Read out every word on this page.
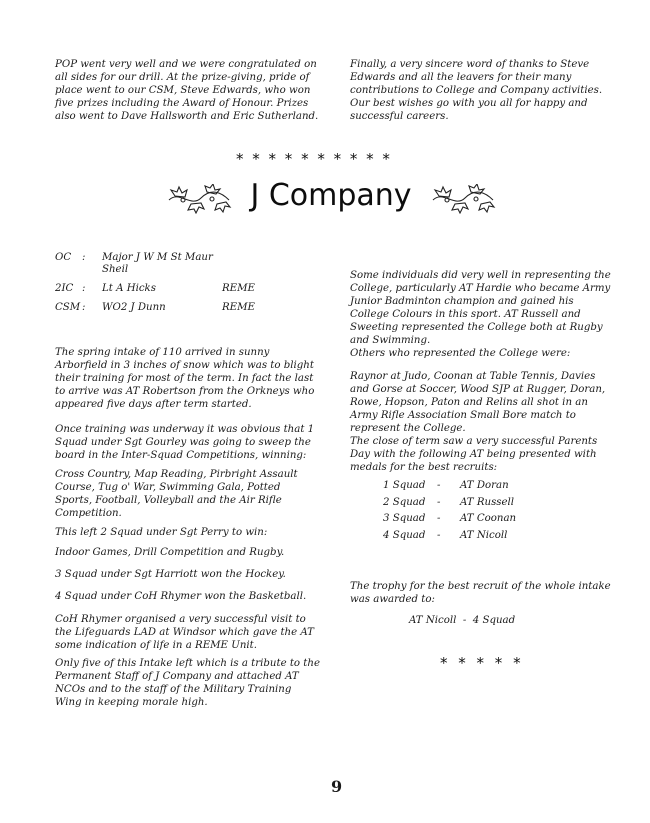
POP went very well and we were congratulated on all sides for our drill. At the prize-giving, pride of place went to our CSM, Steve Edwards, who won five prizes including the Award of Honour. Prizes also went to Dave Hallsworth and Eric Sutherland.

Finally, a very sincere word of thanks to Steve Edwards and all the leavers for their many contributions to College and Company activities. Our best wishes go with you all for happy and successful careers.

* * * * * * * * * *
J Company
OC	:	Major J W M St Maur Sheil	
2IC	:	Lt A Hicks	REME
CSM	:	WO2 J Dunn	REME

The spring intake of 110 arrived in sunny Arborfield in 3 inches of snow which was to blight their training for most of the term. In fact the last to arrive was AT Robertson from the Orkneys who appeared five days after term started.

Once training was underway it was obvious that 1 Squad under Sgt Gourley was going to sweep the board in the Inter-Squad Competitions, winning:

Cross Country, Map Reading, Pirbright Assault Course, Tug o' War, Swimming Gala, Potted Sports, Football, Volleyball and the Air Rifle Competition.

This left 2 Squad under Sgt Perry to win:

Indoor Games, Drill Competition and Rugby.

3 Squad under Sgt Harriott won the Hockey.

4 Squad under CoH Rhymer won the Basketball.

CoH Rhymer organised a very successful visit to the Lifeguards LAD at Windsor which gave the AT some indication of life in a REME Unit.

Only five of this Intake left which is a tribute to the Permanent Staff of J Company and attached AT NCOs and to the staff of the Military Training Wing in keeping morale high.

Some individuals did very well in representing the College, particularly AT Hardie who became Army Junior Badminton champion and gained his College Colours in this sport. AT Russell and Sweeting represented the College both at Rugby and Swimming.

Others who represented the College were:

Raynor at Judo, Coonan at Table Tennis, Davies and Gorse at Soccer, Wood SJP at Rugger, Doran, Rowe, Hopson, Paton and Relins all shot in an Army Rifle Association Small Bore match to represent the College.

The close of term saw a very successful Parents Day with the following AT being presented with medals for the best recruits:

1 Squad	-	AT Doran
2 Squad	-	AT Russell
3 Squad	-	AT Coonan
4 Squad	-	AT Nicoll

The trophy for the best recruit of the whole intake was awarded to:

AT Nicoll  -  4 Squad
* * * * *
9
